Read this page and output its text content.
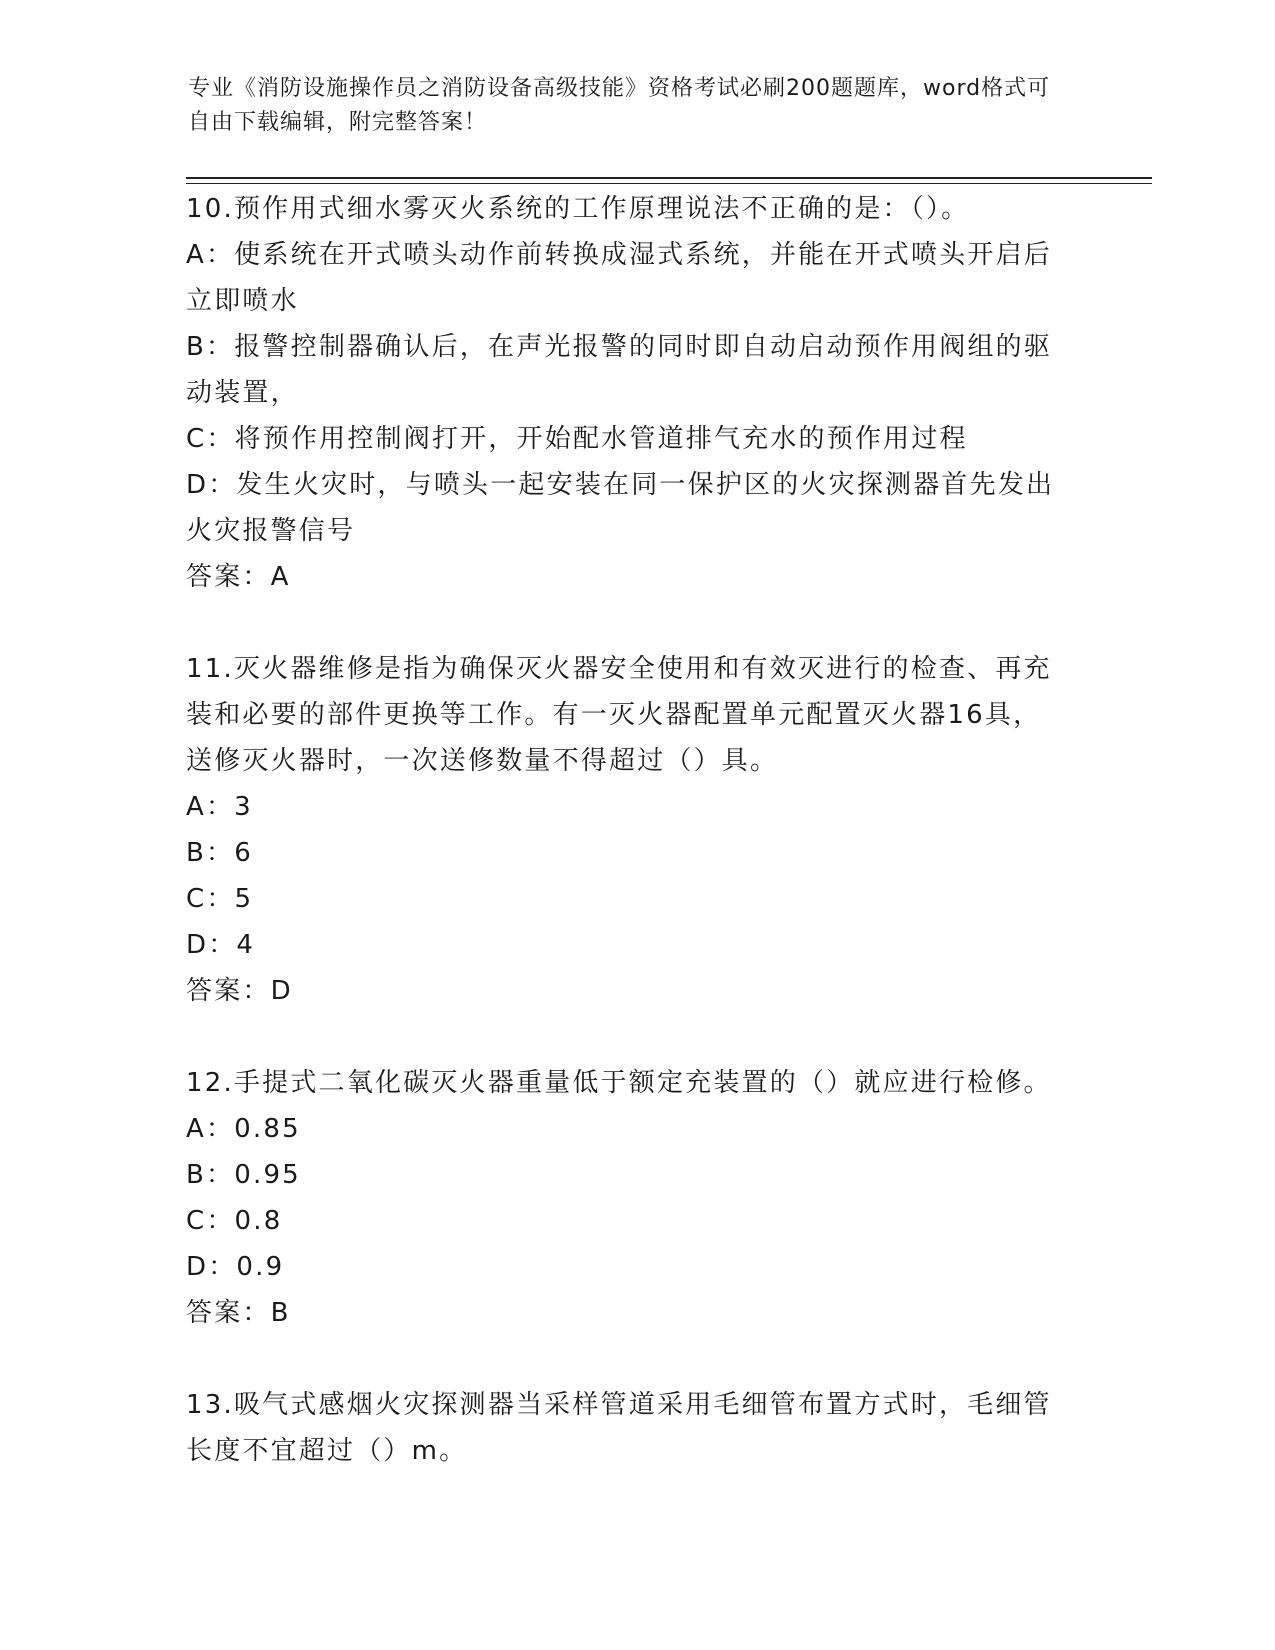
专业《消防设施操作员之消防设备高级技能》资格考试必刷200题题库，word格式可自由下载编辑，附完整答案！

10.预作用式细水雾灭火系统的工作原理说法不正确的是：（）。

A：使系统在开式喷头动作前转换成湿式系统，并能在开式喷头开启后立即喷水

B：报警控制器确认后，在声光报警的同时即自动启动预作用阀组的驱动装置，

C：将预作用控制阀打开，开始配水管道排气充水的预作用过程

D：发生火灾时，与喷头一起安装在同一保护区的火灾探测器首先发出火灾报警信号

答案：A

11.灭火器维修是指为确保灭火器安全使用和有效灭进行的检查、再充装和必要的部件更换等工作。有一灭火器配置单元配置灭火器16具，送修灭火器时，一次送修数量不得超过（）具。

A：3

B：6

C：5

D：4

答案：D

12.手提式二氧化碳灭火器重量低于额定充装置的（）就应进行检修。

A：0.85

B：0.95

C：0.8

D：0.9

答案：B

13.吸气式感烟火灾探测器当采样管道采用毛细管布置方式时，毛细管长度不宜超过（）m。
